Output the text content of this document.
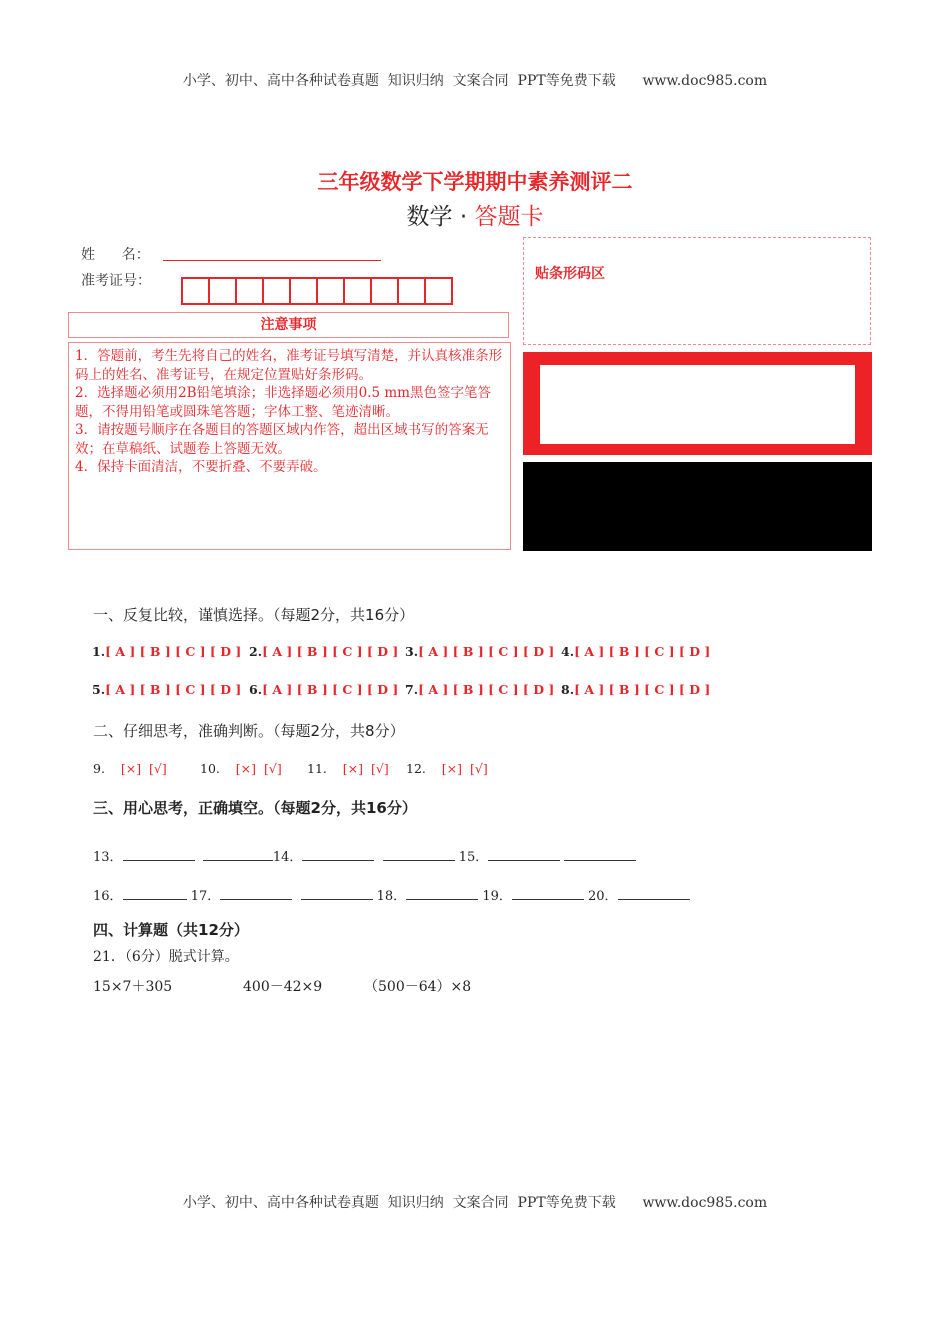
小学、初中、高中各种试卷真题  知识归纳  文案合同  PPT等免费下载      www.doc985.com
三年级数学下学期期中素养测评二
数学 · 答题卡
姓      名：
准考证号：	贴条形码区
注意事项

1．答题前，考生先将自己的姓名，准考证号填写清楚，并认真核准条形码上的姓名、准考证号，在规定位置贴好条形码。

2．选择题必须用2B铅笔填涂；非选择题必须用0.5 mm黑色签字笔答题，不得用铅笔或圆珠笔答题；字体工整、笔迹清晰。

3．请按题号顺序在各题目的答题区域内作答，超出区域书写的答案无效；在草稿纸、试题卷上答题无效。

4．保持卡面清洁，不要折叠、不要弄破。

一、反复比较，谨慎选择。（每题2分，共16分）
1.[ A ] [ B ] [ C ] [ D ] 2.[ A ] [ B ] [ C ] [ D ] 3.[ A ] [ B ] [ C ] [ D ] 4.[ A ] [ B ] [ C ] [ D ]
5.[ A ] [ B ] [ C ] [ D ] 6.[ A ] [ B ] [ C ] [ D ] 7.[ A ] [ B ] [ C ] [ D ] 8.[ A ] [ B ] [ C ] [ D ]
二、仔细思考，准确判断。（每题2分，共8分）
9. [×]  [√]	10. [×]  [√] 11. [×]  [√] 12. [×]  [√]
三、用心思考，正确填空。（每题2分，共16分）
13．	14．	15．
16．	17．	18．	19．	20．
四、计算题（共12分）
21．（6分）脱式计算。
15×7＋305	400－42×9	（500－64）×8
小学、初中、高中各种试卷真题  知识归纳  文案合同  PPT等免费下载      www.doc985.com
